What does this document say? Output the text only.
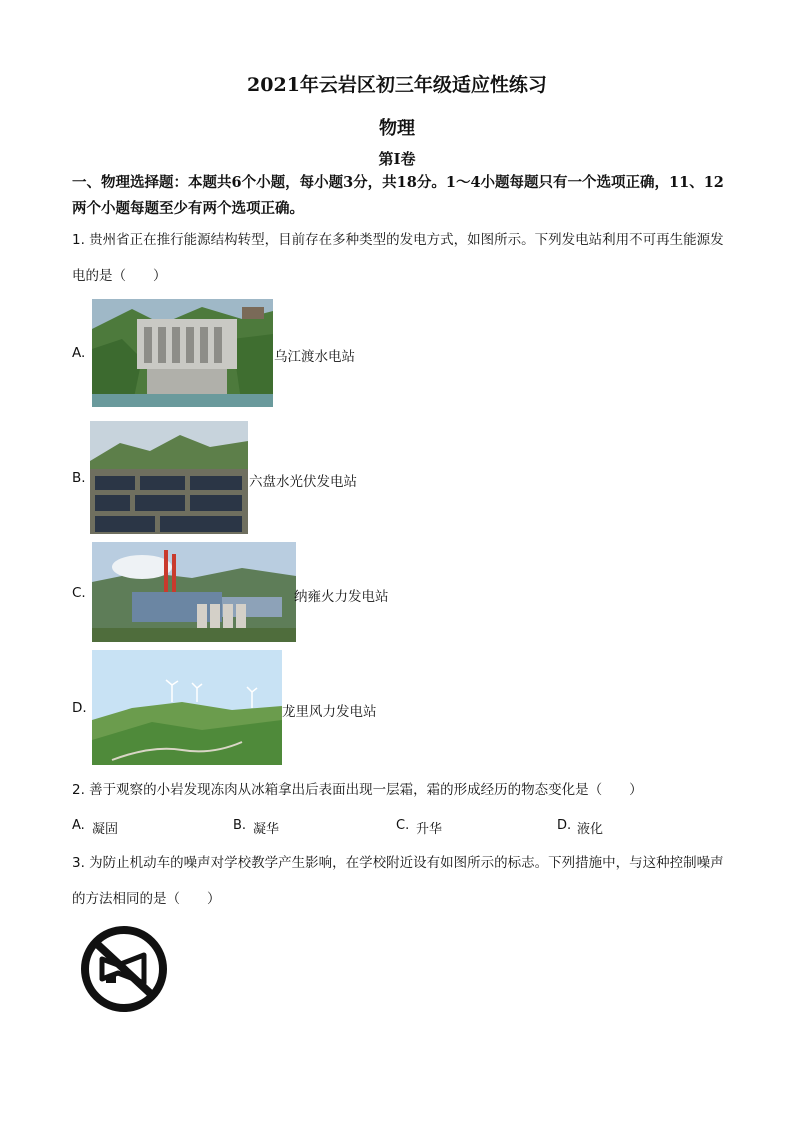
2021年云岩区初三年级适应性练习
物理
第I卷
一、物理选择题：本题共6个小题，每小题3分，共18分。1～4小题每题只有一个选项正确，11、12两个小题每题至少有两个选项正确。
1. 贵州省正在推行能源结构转型，目前存在多种类型的发电方式，如图所示。下列发电站利用不可再生能源发电的是（　　）
A.	乌江渡水电站
B.	六盘水光伏发电站
C.	纳雍火力发电站
D.	龙里风力发电站
2. 善于观察的小岩发现冻肉从冰箱拿出后表面出现一层霜，霜的形成经历的物态变化是（　　）
A. 凝固	B. 凝华	C. 升华	D. 液化
3. 为防止机动车的噪声对学校教学产生影响，在学校附近设有如图所示的标志。下列措施中，与这种控制噪声的方法相同的是（　　）
